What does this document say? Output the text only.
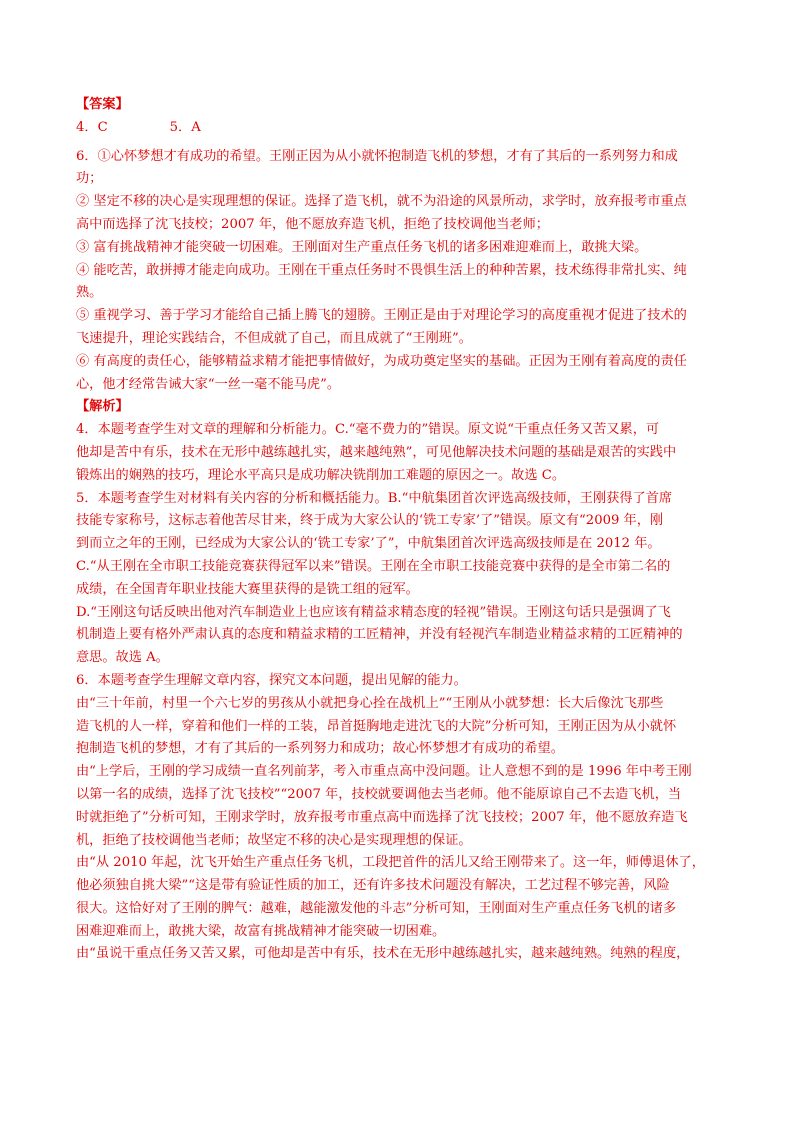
【答案】
4．C	5．A
6．①心怀梦想才有成功的希望。王刚正因为从小就怀抱制造飞机的梦想，才有了其后的一系列努力和成
功；
② 坚定不移的决心是实现理想的保证。选择了造飞机，就不为沿途的风景所动，求学时，放弃报考市重点
高中而选择了沈飞技校；2007 年，他不愿放弃造飞机，拒绝了技校调他当老师；
③ 富有挑战精神才能突破一切困难。王刚面对生产重点任务飞机的诸多困难迎难而上，敢挑大梁。
④ 能吃苦，敢拼搏才能走向成功。王刚在干重点任务时不畏惧生活上的种种苦累，技术练得非常扎实、纯
熟。
⑤ 重视学习、善于学习才能给自己插上腾飞的翅膀。王刚正是由于对理论学习的高度重视才促进了技术的
飞速提升，理论实践结合，不但成就了自己，而且成就了“王刚班”。
⑥ 有高度的责任心，能够精益求精才能把事情做好，为成功奠定坚实的基础。正因为王刚有着高度的责任
心，他才经常告诫大家“一丝一毫不能马虎”。
【解析】
4．本题考查学生对文章的理解和分析能力。C.“毫不费力的”错误。原文说“干重点任务又苦又累，可
他却是苦中有乐，技术在无形中越练越扎实，越来越纯熟”，可见他解决技术问题的基础是艰苦的实践中
锻炼出的娴熟的技巧，理论水平高只是成功解决铣削加工难题的原因之一。故选 C。
5．本题考查学生对材料有关内容的分析和概括能力。B.“中航集团首次评选高级技师，王刚获得了首席
技能专家称号，这标志着他苦尽甘来，终于成为大家公认的‘铣工专家’了”错误。原文有“2009 年，刚
到而立之年的王刚，已经成为大家公认的‘铣工专家’了”，中航集团首次评选高级技师是在 2012 年。
C.“从王刚在全市职工技能竞赛获得冠军以来”错误。王刚在全市职工技能竞赛中获得的是全市第二名的
成绩，在全国青年职业技能大赛里获得的是铣工组的冠军。
D.“王刚这句话反映出他对汽车制造业上也应该有精益求精态度的轻视”错误。王刚这句话只是强调了飞
机制造上要有格外严肃认真的态度和精益求精的工匠精神，并没有轻视汽车制造业精益求精的工匠精神的
意思。故选 A。
6．本题考查学生理解文章内容，探究文本问题，提出见解的能力。
由“三十年前，村里一个六七岁的男孩从小就把身心拴在战机上”“王刚从小就梦想：长大后像沈飞那些
造飞机的人一样，穿着和他们一样的工装，昂首挺胸地走进沈飞的大院”分析可知，王刚正因为从小就怀
抱制造飞机的梦想，才有了其后的一系列努力和成功；故心怀梦想才有成功的希望。
由“上学后，王刚的学习成绩一直名列前茅，考入市重点高中没问题。让人意想不到的是 1996 年中考王刚
以第一名的成绩，选择了沈飞技校”“2007 年，技校就要调他去当老师。他不能原谅自己不去造飞机，当
时就拒绝了”分析可知，王刚求学时，放弃报考市重点高中而选择了沈飞技校；2007 年，他不愿放弃造飞
机，拒绝了技校调他当老师；故坚定不移的决心是实现理想的保证。
由“从 2010 年起，沈飞开始生产重点任务飞机，工段把首件的活儿又给王刚带来了。这一年，师傅退休了，
他必须独自挑大梁”“这是带有验证性质的加工，还有许多技术问题没有解决，工艺过程不够完善，风险
很大。这恰好对了王刚的脾气：越难，越能激发他的斗志”分析可知，王刚面对生产重点任务飞机的诸多
困难迎难而上，敢挑大梁，故富有挑战精神才能突破一切困难。
由“虽说干重点任务又苦又累，可他却是苦中有乐，技术在无形中越练越扎实，越来越纯熟。纯熟的程度，
